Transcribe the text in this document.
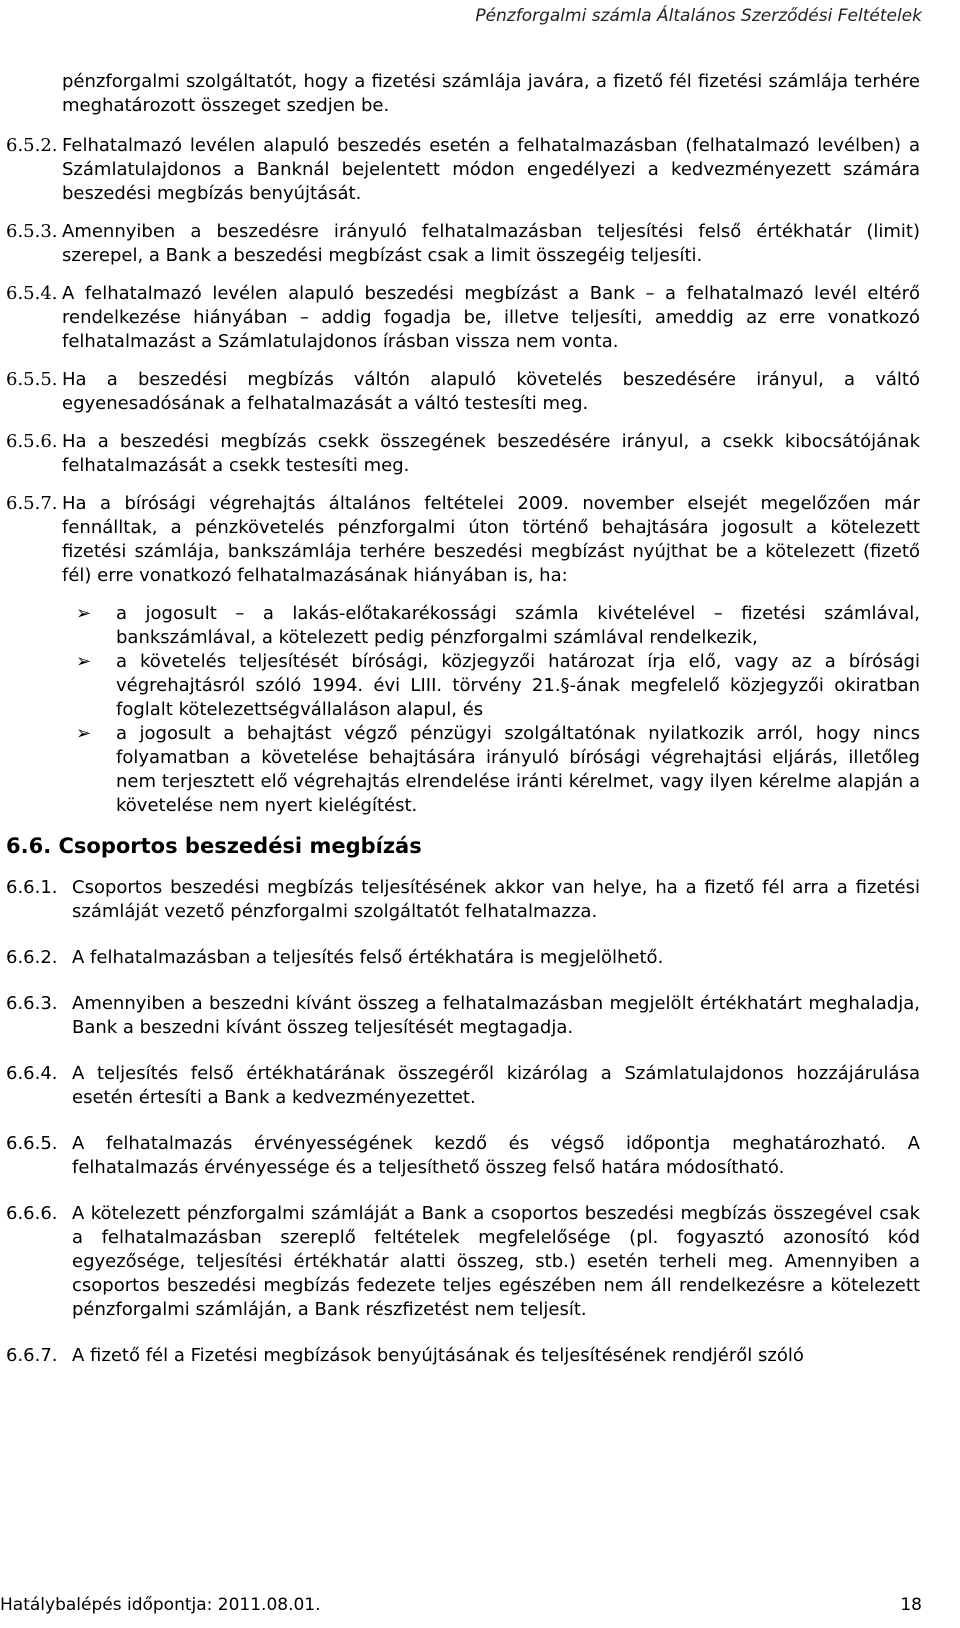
Pénzforgalmi számla Általános Szerződési Feltételek

pénzforgalmi szolgáltatót, hogy a fizetési számlája javára, a fizető fél fizetési számlája terhére meghatározott összeget szedjen be.

6.5.2. Felhatalmazó levélen alapuló beszedés esetén a felhatalmazásban (felhatalmazó levélben) a Számlatulajdonos a Banknál bejelentett módon engedélyezi a kedvezményezett számára beszedési megbízás benyújtását.
6.5.3. Amennyiben a beszedésre irányuló felhatalmazásban teljesítési felső értékhatár (limit) szerepel, a Bank a beszedési megbízást csak a limit összegéig teljesíti.
6.5.4. A felhatalmazó levélen alapuló beszedési megbízást a Bank – a felhatalmazó levél eltérő rendelkezése hiányában – addig fogadja be, illetve teljesíti, ameddig az erre vonatkozó felhatalmazást a Számlatulajdonos írásban vissza nem vonta.
6.5.5. Ha a beszedési megbízás váltón alapuló követelés beszedésére irányul, a váltó egyenesadósának a felhatalmazását a váltó testesíti meg.
6.5.6. Ha a beszedési megbízás csekk összegének beszedésére irányul, a csekk kibocsátójának felhatalmazását a csekk testesíti meg.
6.5.7. Ha a bírósági végrehajtás általános feltételei 2009. november elsejét megelőzően már fennálltak, a pénzkövetelés pénzforgalmi úton történő behajtására jogosult a kötelezett fizetési számlája, bankszámlája terhére beszedési megbízást nyújthat be a kötelezett (fizető fél) erre vonatkozó felhatalmazásának hiányában is, ha:
➢	a jogosult – a lakás-előtakarékossági számla kivételével – fizetési számlával, bankszámlával, a kötelezett pedig pénzforgalmi számlával rendelkezik,
➢	a követelés teljesítését bírósági, közjegyzői határozat írja elő, vagy az a bírósági végrehajtásról szóló 1994. évi LIII. törvény 21.§-ának megfelelő közjegyzői okiratban foglalt kötelezettségvállaláson alapul, és
➢	a jogosult a behajtást végző pénzügyi szolgáltatónak nyilatkozik arról, hogy nincs folyamatban a követelése behajtására irányuló bírósági végrehajtási eljárás, illetőleg nem terjesztett elő végrehajtás elrendelése iránti kérelmet, vagy ilyen kérelme alapján a követelése nem nyert kielégítést.
6.6. Csoportos beszedési megbízás
6.6.1. Csoportos beszedési megbízás teljesítésének akkor van helye, ha a fizető fél arra a fizetési számláját vezető pénzforgalmi szolgáltatót felhatalmazza.
6.6.2. A felhatalmazásban a teljesítés felső értékhatára is megjelölhető.
6.6.3. Amennyiben a beszedni kívánt összeg a felhatalmazásban megjelölt értékhatárt meghaladja, Bank a beszedni kívánt összeg teljesítését megtagadja.
6.6.4. A teljesítés felső értékhatárának összegéről kizárólag a Számlatulajdonos hozzájárulása esetén értesíti a Bank a kedvezményezettet.
6.6.5. A felhatalmazás érvényességének kezdő és végső időpontja meghatározható. A felhatalmazás érvényessége és a teljesíthető összeg felső határa módosítható.
6.6.6. A kötelezett pénzforgalmi számláját a Bank a csoportos beszedési megbízás összegével csak a felhatalmazásban szereplő feltételek megfelelősége (pl. fogyasztó azonosító kód egyezősége, teljesítési értékhatár alatti összeg, stb.) esetén terheli meg. Amennyiben a csoportos beszedési megbízás fedezete teljes egészében nem áll rendelkezésre a kötelezett pénzforgalmi számláján, a Bank részfizetést nem teljesít.
6.6.7. A fizető fél a Fizetési megbízások benyújtásának és teljesítésének rendjéről szóló
Hatálybalépés időpontja: 2011.08.01.	18
